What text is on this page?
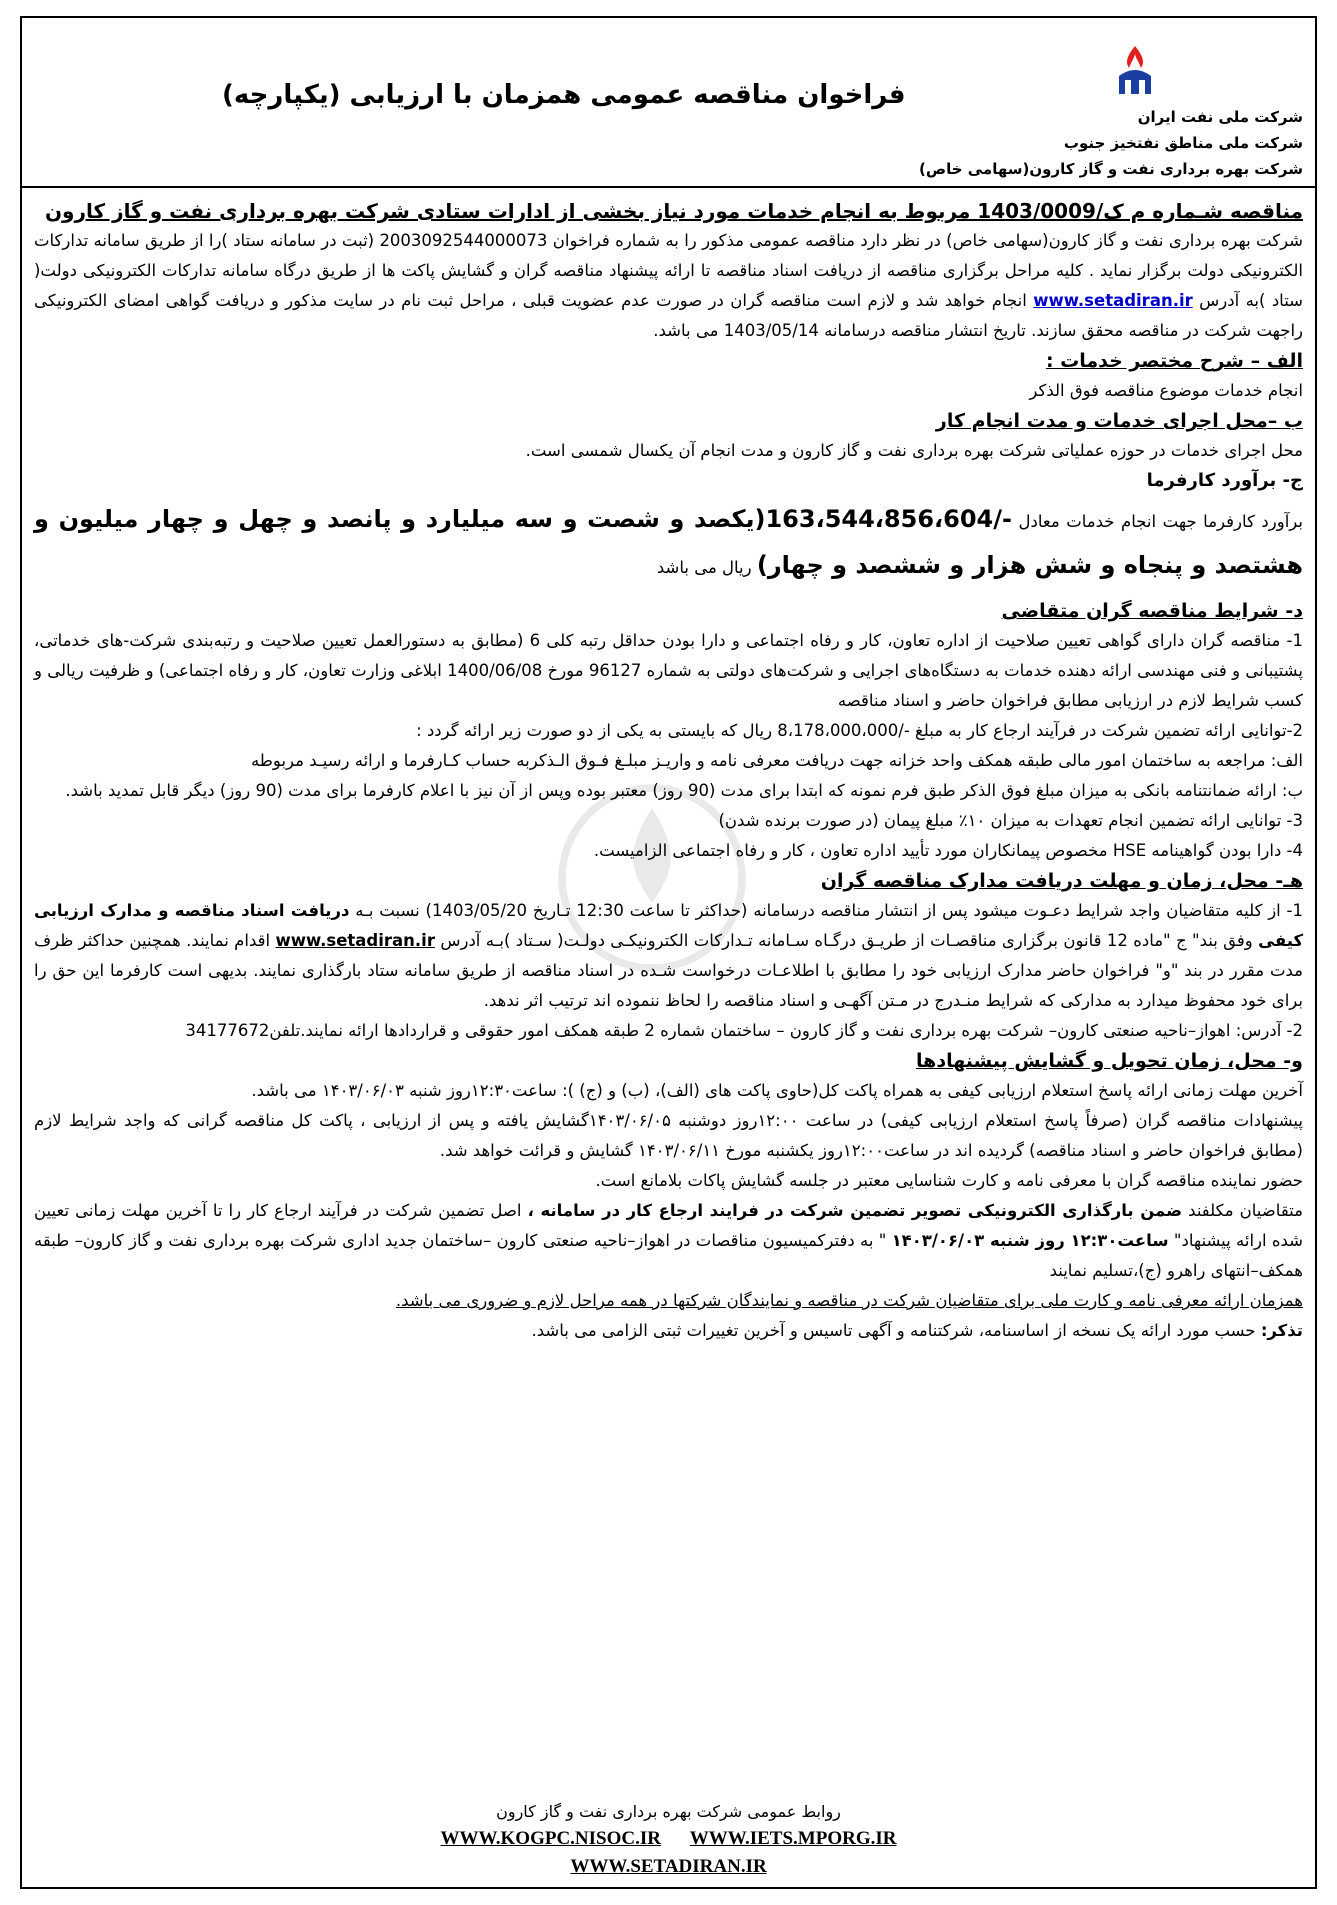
شرکت ملی نفت ایران
شرکت ملی مناطق نفتخیز جنوب
شرکت بهره برداری نفت و گاز کارون(سهامی خاص)
فراخوان مناقصه عمومی همزمان با ارزیابی (یکپارچه)

مناقصه شـماره م ک/1403/0009 مربوط به انجام خدمات مورد نیاز بخشی از ادارات ستادی شرکت بهره برداری نفت و گاز کارون

شرکت بهره برداری نفت و گاز کارون(سهامی خاص) در نظر دارد مناقصه عمومی مذکور را به شماره فراخوان 2003092544000073 (ثبت در سامانه ستاد )را از طریق سامانه تدارکات الکترونیکی دولت برگزار نماید . کلیه مراحل برگزاری مناقصه از دریافت اسناد مناقصه تا ارائه پیشنهاد مناقصه گران و گشایش پاکت ها از طریق درگاه سامانه تدارکات الکترونیکی دولت( ستاد )به آدرس www.setadiran.ir انجام خواهد شد و لازم است مناقصه گران در صورت عدم عضویت قبلی ، مراحل ثبت نام در سایت مذکور و دریافت گواهی امضای الکترونیکی راجهت شرکت در مناقصه محقق سازند. تاریخ انتشار مناقصه درسامانه 1403/05/14 می باشد.

الف – شرح مختصر خدمات :

انجام خدمات موضوع مناقصه فوق الذکر

ب –محل اجرای خدمات و مدت انجام کار

محل اجرای خدمات در حوزه عملیاتی شرکت بهره برداری نفت و گاز کارون و مدت انجام آن یکسال شمسی است.

ج- برآورد کارفرما

برآورد کارفرما جهت انجام خدمات معادل -/163،544،856،604(یکصد و شصت و سه میلیارد و پانصد و چهل و چهار میلیون و هشتصد و پنجاه و شش هزار و ششصد و چهار) ریال می باشد

د- شرایط مناقصه گران متقاضی

1- مناقصه گران دارای گواهی تعیین صلاحیت از اداره تعاون، کار و رفاه اجتماعی و دارا بودن حداقل رتبه کلی 6 (مطابق به دستورالعمل تعیین صلاحیت و رتبه‌بندی شرکت-های خدماتی، پشتیبانی و فنی مهندسی ارائه دهنده خدمات به دستگاه‌های اجرایی و شرکت‌های دولتی به شماره 96127 مورخ 1400/06/08 ابلاغی وزارت تعاون، کار و رفاه اجتماعی) و ظرفیت ریالی و کسب شرایط لازم در ارزیابی مطابق فراخوان حاضر و اسناد مناقصه

2-توانایی ارائه تضمین شرکت در فرآیند ارجاع کار به مبلغ -/8،178،000،000 ریال که بایستی به یکی از دو صورت زیر ارائه گردد :

الف: مراجعه به ساختمان امور مالی طبقه همکف واحد خزانه جهت دریافت معرفی نامه و واریـز مبلـغ فـوق الـذکربه حساب کـارفرما و ارائه رسیـد مربوطه

ب: ارائه ضمانتنامه بانکی به میزان مبلغ فوق الذکر طبق فرم نمونه که ابتدا برای مدت (90 روز) معتبر بوده وپس از آن نیز با اعلام کارفرما برای مدت (90 روز) دیگر قابل تمدید باشد.

3- توانایی ارائه تضمین انجام تعهدات به میزان ۱۰٪ مبلغ پیمان (در صورت برنده شدن)

4- دارا بودن گواهینامه HSE مخصوص پیمانکاران مورد تأیید اداره تعاون ، کار و رفاه اجتماعی الزامیست.

هـ- محل، زمان و مهلت دریافت مدارک مناقصه گران

1- از کلیه متقاضیان واجد شرایط دعـوت میشود پس از انتشار مناقصه درسامانه (حداکثر تا ساعت 12:30 تـاریخ 1403/05/20) نسبت بـه دریافت اسناد مناقصه و مدارک ارزیابی کیفی وفق بند" ج "ماده 12 قانون برگزاری مناقصـات از طریـق درگـاه سـامانه تـدارکات الکترونیکـی دولـت( سـتاد )بـه آدرس www.setadiran.ir اقدام نمایند. همچنین حداکثر ظرف مدت مقرر در بند "و" فراخوان حاضر مدارک ارزیابی خود را مطابق با اطلاعـات درخواست شـده در اسناد مناقصه از طریق سامانه ستاد بارگذاری نمایند. بدیهی است کارفرما این حق را برای خود محفوظ میدارد به مدارکی که شرایط منـدرج در مـتن آگهـی و اسناد مناقصه را لحاظ ننموده اند ترتیب اثر ندهد.

2- آدرس: اهواز–ناحیه صنعتی کارون– شرکت بهره برداری نفت و گاز کارون – ساختمان شماره 2 طبقه همکف امور حقوقی و قراردادها ارائه نمایند.تلفن34177672

و- محل، زمان تحویل و گشایش پیشنهادها

آخرین مهلت زمانی ارائه پاسخ استعلام ارزیابی کیفی به همراه پاکت کل(حاوی پاکت های (الف)، (ب) و (ج) ): ساعت۱۲:۳۰روز شنبه ۱۴۰۳/۰۶/۰۳ می باشد.

پیشنهادات مناقصه گران (صرفاً پاسخ استعلام ارزیابی کیفی) در ساعت ۱۲:۰۰روز دوشنبه ۱۴۰۳/۰۶/۰۵گشایش یافته و پس از ارزیابی ، پاکت کل مناقصه گرانی که واجد شرایط لازم (مطابق فراخوان حاضر و اسناد مناقصه) گردیده اند در ساعت۱۲:۰۰روز یکشنبه مورخ ۱۴۰۳/۰۶/۱۱ گشایش و قرائت خواهد شد.

حضور نماینده مناقصه گران با معرفی نامه و کارت شناسایی معتبر در جلسه گشایش پاکات بلامانع است.

متقاضیان مکلفند ضمن بارگذاری الکترونیکی تصویر تضمین شرکت در فرایند ارجاع کار در سامانه ، اصل تضمین شرکت در فرآیند ارجاع کار را تا آخرین مهلت زمانی تعیین شده ارائه پیشنهاد" ساعت۱۲:۳۰ روز شنبه ۱۴۰۳/۰۶/۰۳ " به دفترکمیسیون مناقصات در اهواز–ناحیه صنعتی کارون –ساختمان جدید اداری شرکت بهره برداری نفت و گاز کارون– طبقه همکف–انتهای راهرو (ج)،تسلیم نمایند

همزمان ارائه معرفی نامه و کارت ملی برای متقاضیان شرکت در مناقصه و نمایندگان شرکتها در همه مراحل لازم و ضروری می باشد.

تذکر: حسب مورد ارائه یک نسخه از اساسنامه، شرکتنامه و آگهی تاسیس و آخرین تغییرات ثبتی الزامی می باشد.

روابط عمومی شرکت بهره برداری نفت و گاز کارون
WWW.KOGPC.NISOC.IR WWW.IETS.MPORG.IR
WWW.SETADIRAN.IR
